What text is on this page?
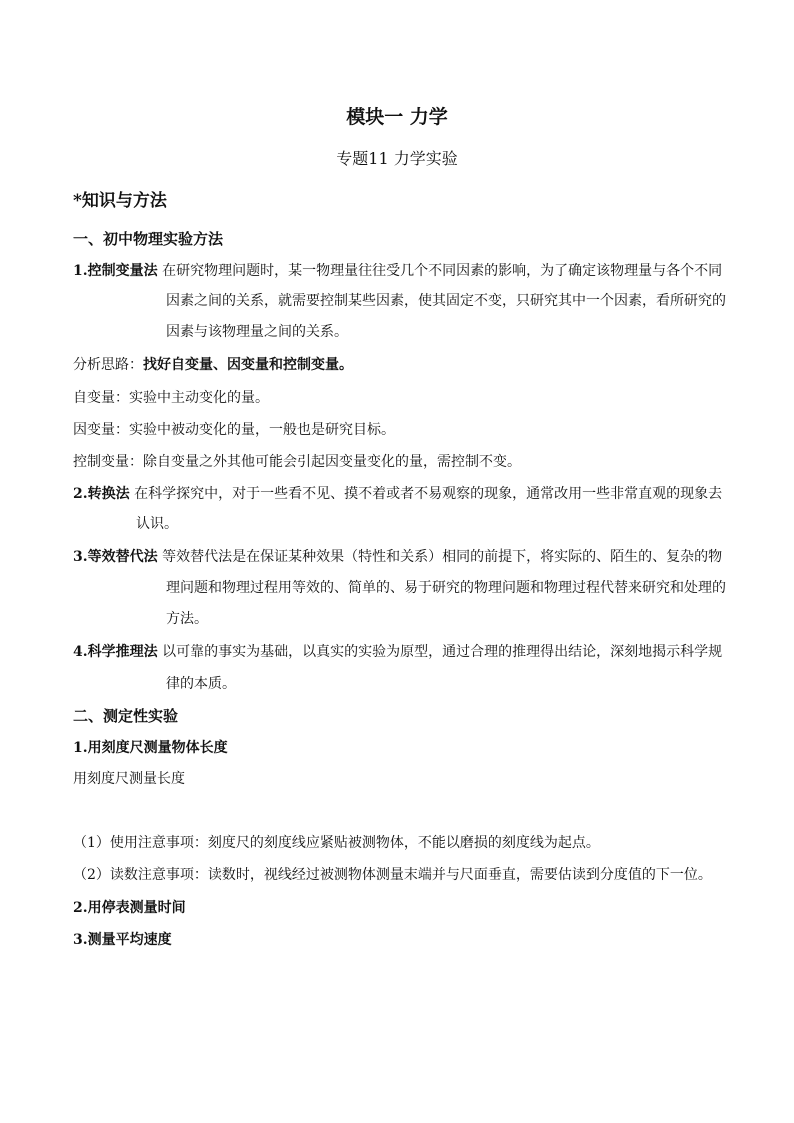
模块一 力学
专题11 力学实验
*知识与方法
一、初中物理实验方法
1.控制变量法 在研究物理问题时，某一物理量往往受几个不同因素的影响，为了确定该物理量与各个不同
因素之间的关系，就需要控制某些因素，使其固定不变，只研究其中一个因素，看所研究的
因素与该物理量之间的关系。
分析思路：找好自变量、因变量和控制变量。
自变量：实验中主动变化的量。
因变量：实验中被动变化的量，一般也是研究目标。
控制变量：除自变量之外其他可能会引起因变量变化的量，需控制不变。
2.转换法 在科学探究中，对于一些看不见、摸不着或者不易观察的现象，通常改用一些非常直观的现象去
认识。
3.等效替代法 等效替代法是在保证某种效果（特性和关系）相同的前提下，将实际的、陌生的、复杂的物
理问题和物理过程用等效的、简单的、易于研究的物理问题和物理过程代替来研究和处理的
方法。
4.科学推理法 以可靠的事实为基础，以真实的实验为原型，通过合理的推理得出结论，深刻地揭示科学规
律的本质。
二、测定性实验
1.用刻度尺测量物体长度
用刻度尺测量长度
（1）使用注意事项：刻度尺的刻度线应紧贴被测物体，不能以磨损的刻度线为起点。
（2）读数注意事项：读数时，视线经过被测物体测量末端并与尺面垂直，需要估读到分度值的下一位。
2.用停表测量时间
3.测量平均速度
